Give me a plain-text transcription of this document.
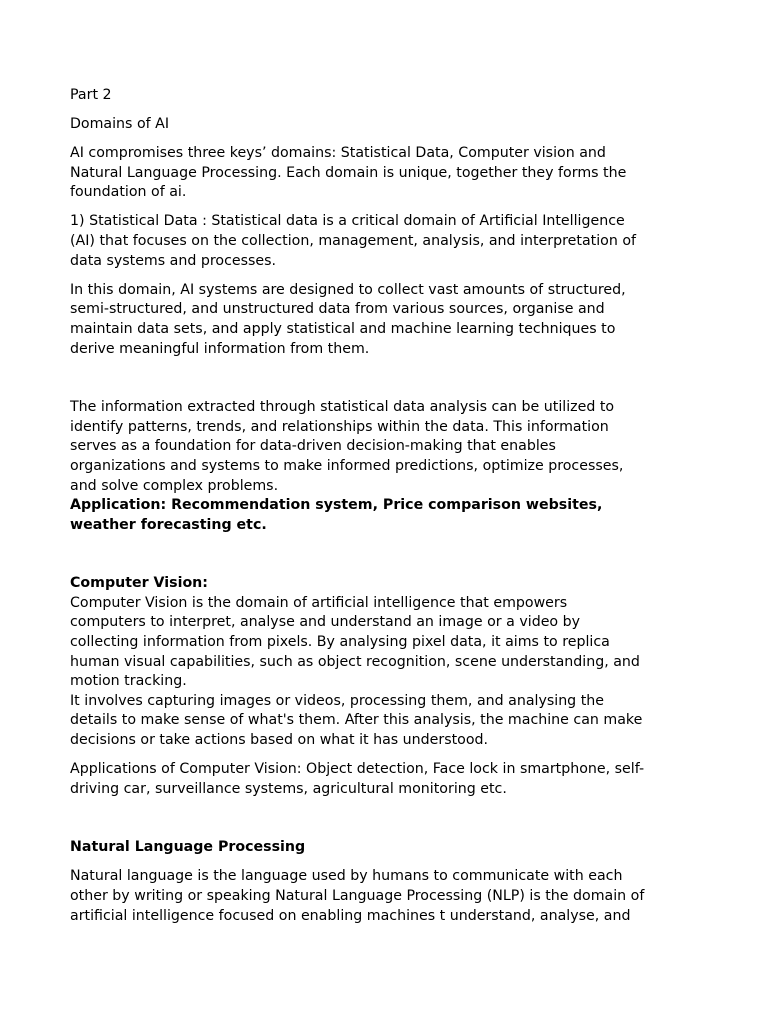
Part 2

Domains of AI

AI compromises three keys’ domains: Statistical Data, Computer vision and
Natural Language Processing. Each domain is unique, together they forms the
foundation of ai.

1) Statistical Data : Statistical data is a critical domain of Artificial Intelligence
(AI) that focuses on the collection, management, analysis, and interpretation of
data systems and processes.

In this domain, AI systems are designed to collect vast amounts of structured,
semi-structured, and unstructured data from various sources, organise and
maintain data sets, and apply statistical and machine learning techniques to
derive meaningful information from them.

The information extracted through statistical data analysis can be utilized to
identify patterns, trends, and relationships within the data. This information
serves as a foundation for data-driven decision-making that enables
organizations and systems to make informed predictions, optimize processes,
and solve complex problems.

Application: Recommendation system, Price comparison websites,
weather forecasting etc.

Computer Vision:

Computer Vision is the domain of artificial intelligence that empowers
computers to interpret, analyse and understand an image or a video by
collecting information from pixels. By analysing pixel data, it aims to replica
human visual capabilities, such as object recognition, scene understanding, and
motion tracking.
It involves capturing images or videos, processing them, and analysing the
details to make sense of what's them. After this analysis, the machine can make
decisions or take actions based on what it has understood.

Applications of Computer Vision: Object detection, Face lock in smartphone, self-
driving car, surveillance systems, agricultural monitoring etc.

Natural Language Processing

Natural language is the language used by humans to communicate with each
other by writing or speaking Natural Language Processing (NLP) is the domain of
artificial intelligence focused on enabling machines t understand, analyse, and
